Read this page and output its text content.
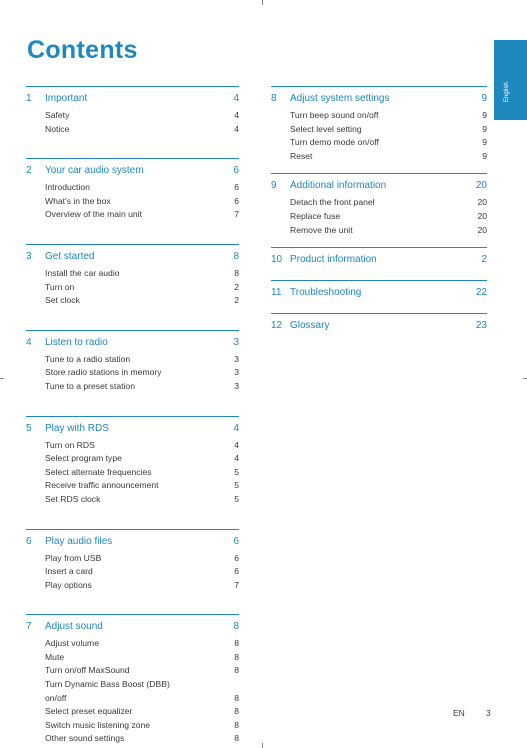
Contents
English
1	Important	4
Safety	4
Notice	4
2	Your car audio system	6
Introduction	6
What's in the box	6
Overview of the main unit	7
3	Get started	8
Install the car audio	8
Turn on	2
Set clock	2
4	Listen to radio	3
Tune to a radio station	3
Store radio stations in memory	3
Tune to a preset station	3
5	Play with RDS	4
Turn on RDS	4
Select program type	4
Select alternate frequencies	5
Receive traffic announcement	5
Set RDS clock	5
6	Play audio files	6
Play from USB	6
Insert a card	6
Play options	7
7	Adjust sound	8
Adjust volume	8
Mute	8
Turn on/off MaxSound	8
Turn Dynamic Bass Boost (DBB) on/off	8
Select preset equalizer	8
Switch music listening zone	8
Other sound settings	8
8	Adjust system settings	9
Turn beep sound on/off	9
Select level setting	9
Turn demo mode on/off	9
Reset	9
9	Additional information	20
Detach the front panel	20
Replace fuse	20
Remove the unit	20
10 Product information	2
11 Troubleshooting	22
12 Glossary	23
EN 3
